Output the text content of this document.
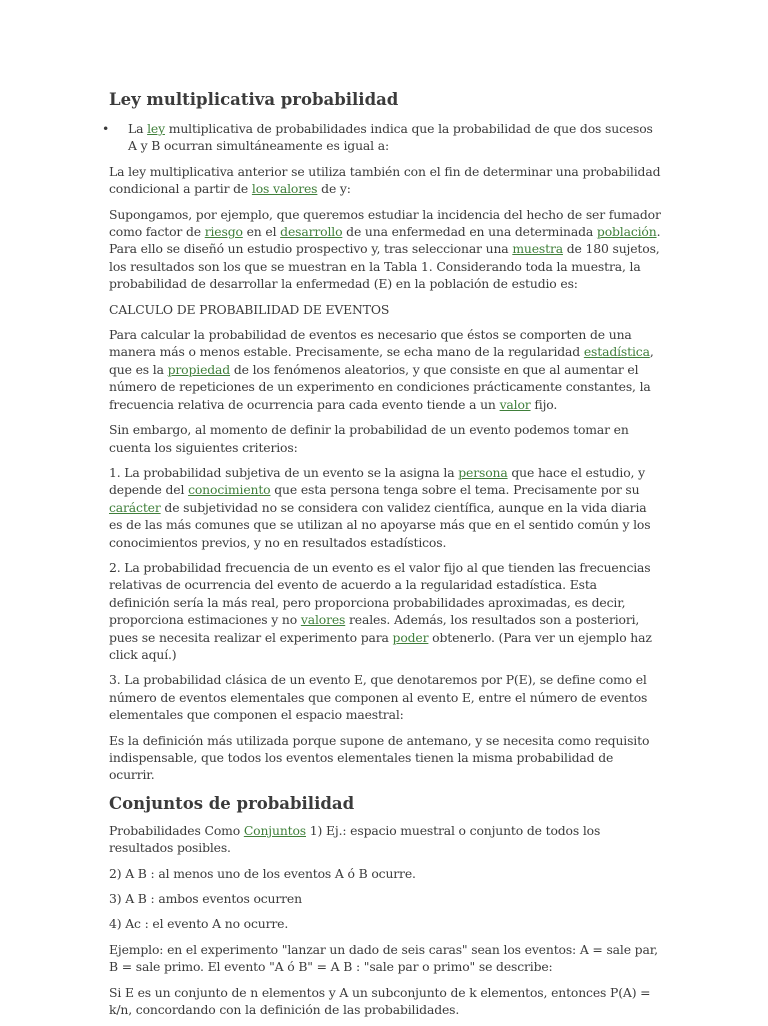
Ley multiplicativa probabilidad
• La ley multiplicativa de probabilidades indica que la probabilidad de que dos sucesos A y B ocurran simultáneamente es igual a:

La ley multiplicativa anterior se utiliza también con el fin de determinar una probabilidad condicional a partir de los valores de y:

Supongamos, por ejemplo, que queremos estudiar la incidencia del hecho de ser fumador como factor de riesgo en el desarrollo de una enfermedad en una determinada población. Para ello se diseñó un estudio prospectivo y, tras seleccionar una muestra de 180 sujetos, los resultados son los que se muestran en la Tabla 1. Considerando toda la muestra, la probabilidad de desarrollar la enfermedad (E) en la población de estudio es:

CALCULO DE PROBABILIDAD DE EVENTOS

Para calcular la probabilidad de eventos es necesario que éstos se comporten de una manera más o menos estable. Precisamente, se echa mano de la regularidad estadística, que es la propiedad de los fenómenos aleatorios, y que consiste en que al aumentar el número de repeticiones de un experimento en condiciones prácticamente constantes, la frecuencia relativa de ocurrencia para cada evento tiende a un valor fijo.

Sin embargo, al momento de definir la probabilidad de un evento podemos tomar en cuenta los siguientes criterios:

1. La probabilidad subjetiva de un evento se la asigna la persona que hace el estudio, y depende del conocimiento que esta persona tenga sobre el tema. Precisamente por su carácter de subjetividad no se considera con validez científica, aunque en la vida diaria es de las más comunes que se utilizan al no apoyarse más que en el sentido común y los conocimientos previos, y no en resultados estadísticos.

2. La probabilidad frecuencia de un evento es el valor fijo al que tienden las frecuencias relativas de ocurrencia del evento de acuerdo a la regularidad estadística. Esta definición sería la más real, pero proporciona probabilidades aproximadas, es decir, proporciona estimaciones y no valores reales. Además, los resultados son a posteriori, pues se necesita realizar el experimento para poder obtenerlo. (Para ver un ejemplo haz click aquí.)

3. La probabilidad clásica de un evento E, que denotaremos por P(E), se define como el número de eventos elementales que componen al evento E, entre el número de eventos elementales que componen el espacio maestral:

Es la definición más utilizada porque supone de antemano, y se necesita como requisito indispensable, que todos los eventos elementales tienen la misma probabilidad de ocurrir.

Conjuntos de probabilidad

Probabilidades Como Conjuntos 1) Ej.: espacio muestral o conjunto de todos los resultados posibles.

2) A B : al menos uno de los eventos A ó B ocurre.

3) A B : ambos eventos ocurren

4) Ac : el evento A no ocurre.

Ejemplo: en el experimento "lanzar un dado de seis caras" sean los eventos: A = sale par, B = sale primo. El evento "A ó B" = A B : "sale par o primo" se describe:

Si E es un conjunto de n elementos y A un subconjunto de k elementos, entonces P(A) = k/n, concordando con la definición de las probabilidades.
